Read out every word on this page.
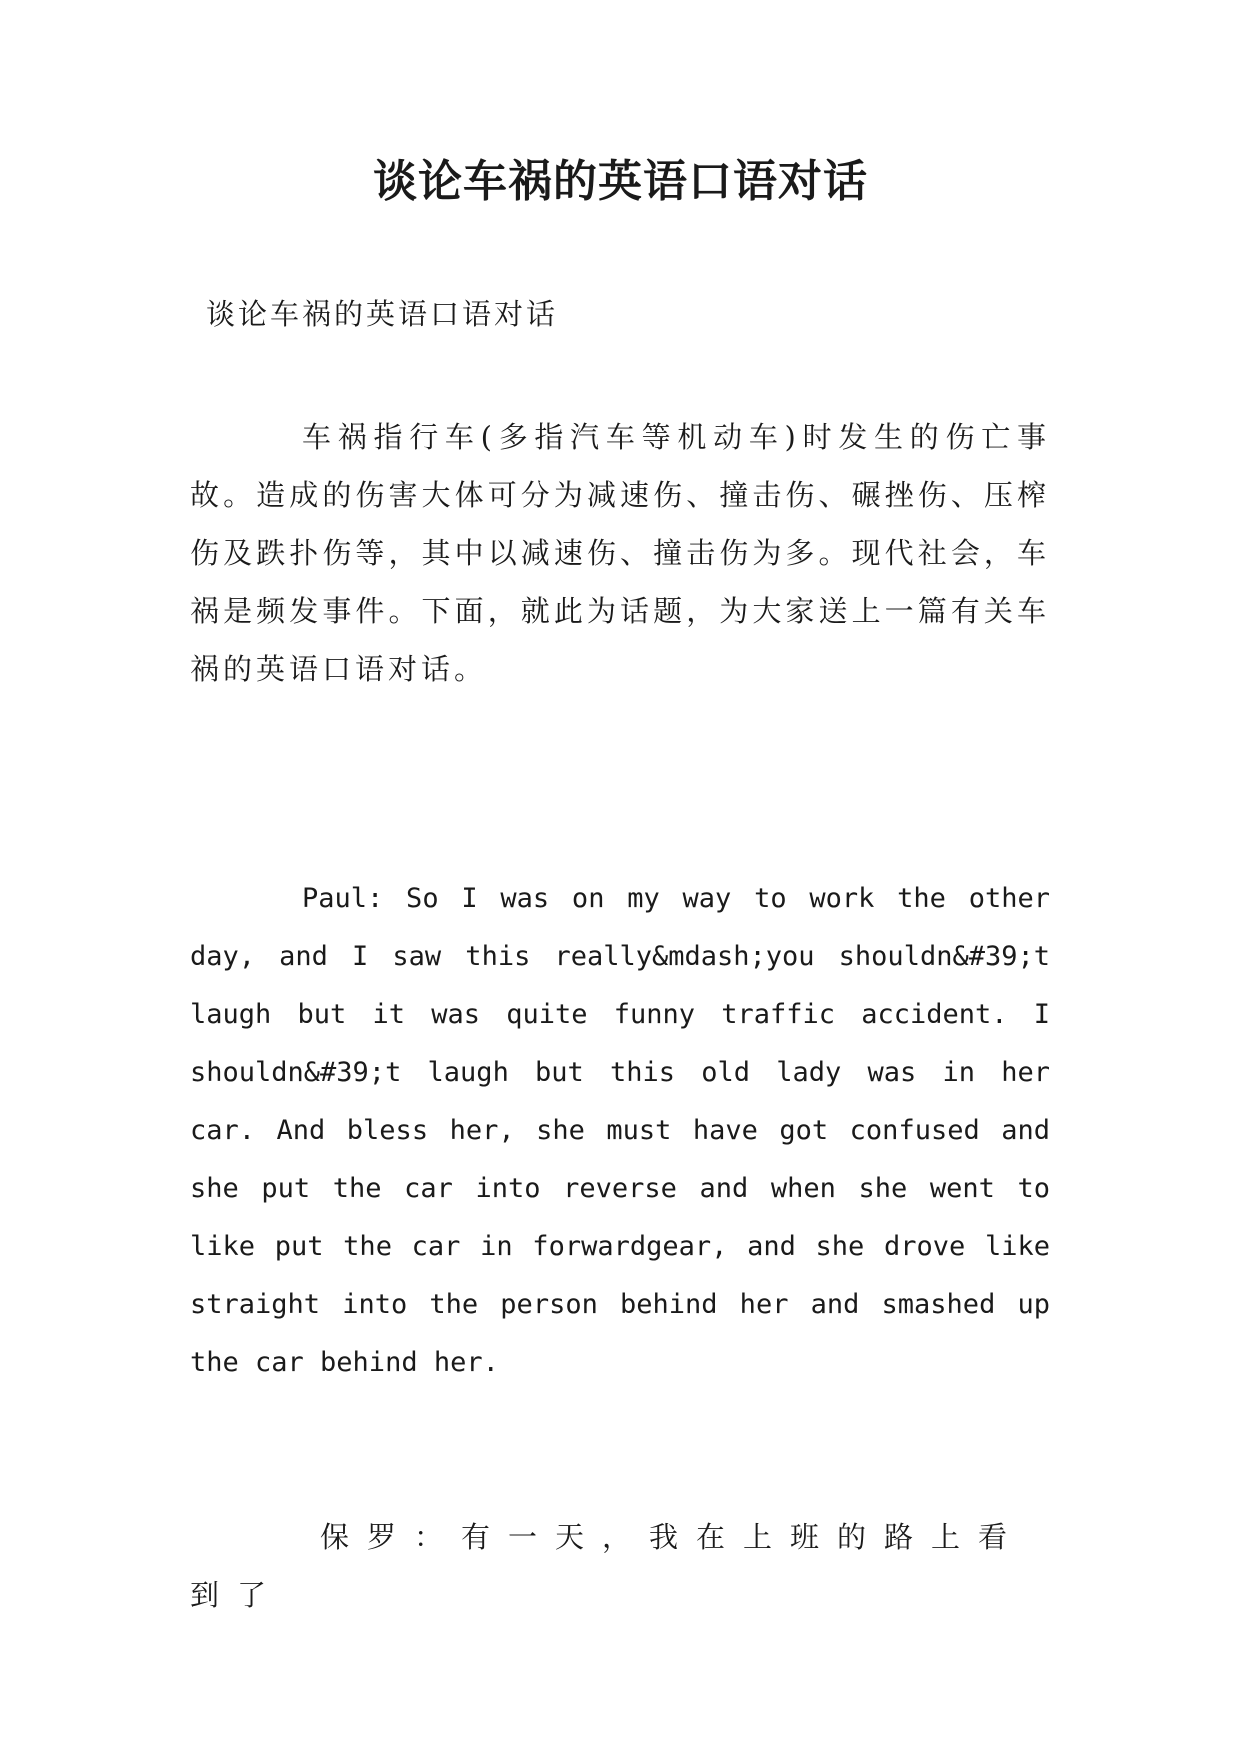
谈论车祸的英语口语对话

谈论车祸的英语口语对话

车祸指行车(多指汽车等机动车)时发生的伤亡事故。造成的伤害大体可分为减速伤、撞击伤、碾挫伤、压榨伤及跌扑伤等，其中以减速伤、撞击伤为多。现代社会，车祸是频发事件。下面，就此为话题，为大家送上一篇有关车祸的英语口语对话。

Paul: So I was on my way to work the other day, and I saw this really&mdash;you shouldn&#39;t laugh but it was quite funny traffic accident. I shouldn&#39;t laugh but this old lady was in her car. And bless her, she must have got confused and she put the car into reverse and when she went to like put the car in forwardgear, and she drove like straight into the person behind her and smashed up the car behind her.

保罗：有一天，我在上班的路上看到了
